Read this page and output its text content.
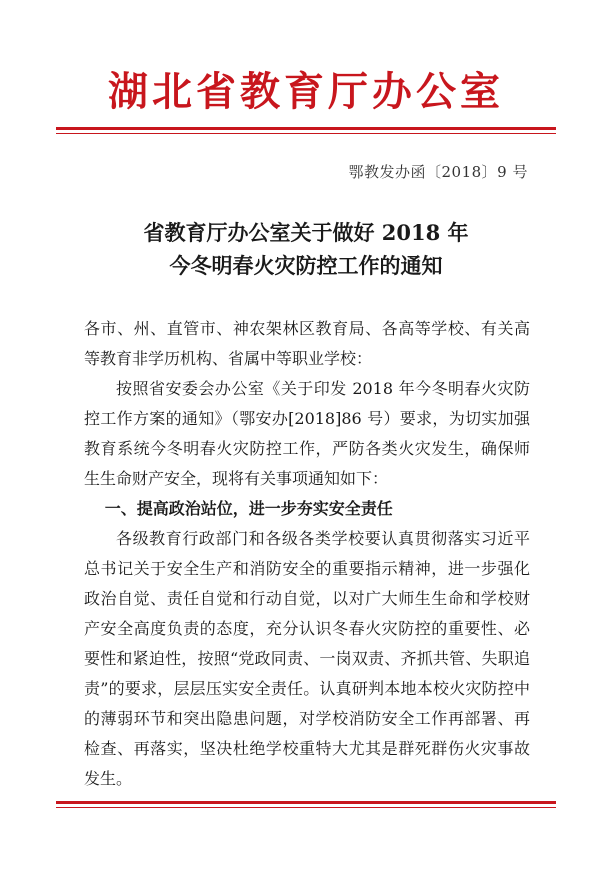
湖北省教育厅办公室
鄂教发办函〔2018〕9 号
省教育厅办公室关于做好 2018 年
今冬明春火灾防控工作的通知

各市、州、直管市、神农架林区教育局、各高等学校、有关高等教育非学历机构、省属中等职业学校：

按照省安委会办公室《关于印发 2018 年今冬明春火灾防控工作方案的通知》（鄂安办[2018]86 号）要求，为切实加强教育系统今冬明春火灾防控工作，严防各类火灾发生，确保师生生命财产安全，现将有关事项通知如下：

一、提高政治站位，进一步夯实安全责任

各级教育行政部门和各级各类学校要认真贯彻落实习近平总书记关于安全生产和消防安全的重要指示精神，进一步强化政治自觉、责任自觉和行动自觉，以对广大师生生命和学校财产安全高度负责的态度，充分认识冬春火灾防控的重要性、必要性和紧迫性，按照“党政同责、一岗双责、齐抓共管、失职追责”的要求，层层压实安全责任。认真研判本地本校火灾防控中的薄弱环节和突出隐患问题，对学校消防安全工作再部署、再检查、再落实，坚决杜绝学校重特大尤其是群死群伤火灾事故发生。
